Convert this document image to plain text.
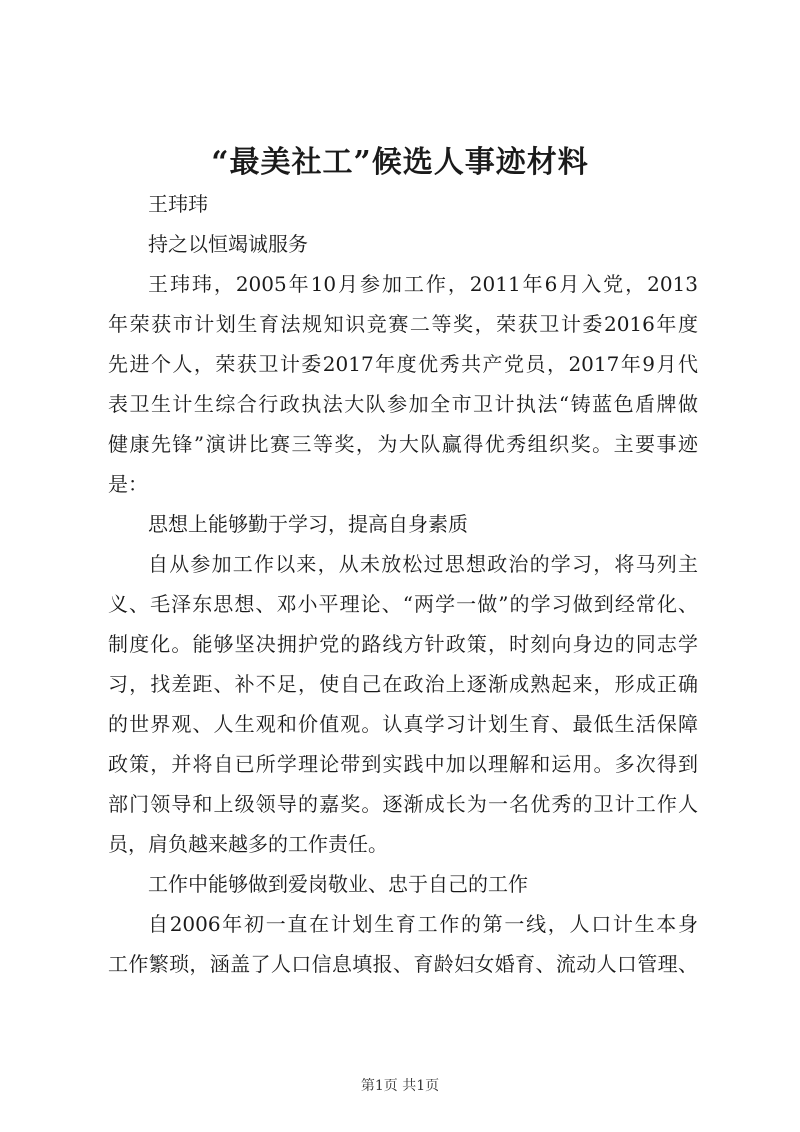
“最美社工”候选人事迹材料
王玮玮
持之以恒竭诚服务
王玮玮，2005年10月参加工作，2011年6月入党，2013
年荣获市计划生育法规知识竞赛二等奖，荣获卫计委2016年度
先进个人，荣获卫计委2017年度优秀共产党员，2017年9月代
表卫生计生综合行政执法大队参加全市卫计执法“铸蓝色盾牌做
健康先锋”演讲比赛三等奖，为大队赢得优秀组织奖。主要事迹
是：
思想上能够勤于学习，提高自身素质
自从参加工作以来，从未放松过思想政治的学习，将马列主
义、毛泽东思想、邓小平理论、“两学一做”的学习做到经常化、
制度化。能够坚决拥护党的路线方针政策，时刻向身边的同志学
习，找差距、补不足，使自己在政治上逐渐成熟起来，形成正确
的世界观、人生观和价值观。认真学习计划生育、最低生活保障
政策，并将自已所学理论带到实践中加以理解和运用。多次得到
部门领导和上级领导的嘉奖。逐渐成长为一名优秀的卫计工作人
员，肩负越来越多的工作责任。
工作中能够做到爱岗敬业、忠于自己的工作
自2006年初一直在计划生育工作的第一线，人口计生本身
工作繁琐，涵盖了人口信息填报、育龄妇女婚育、流动人口管理、
第1页 共1页
